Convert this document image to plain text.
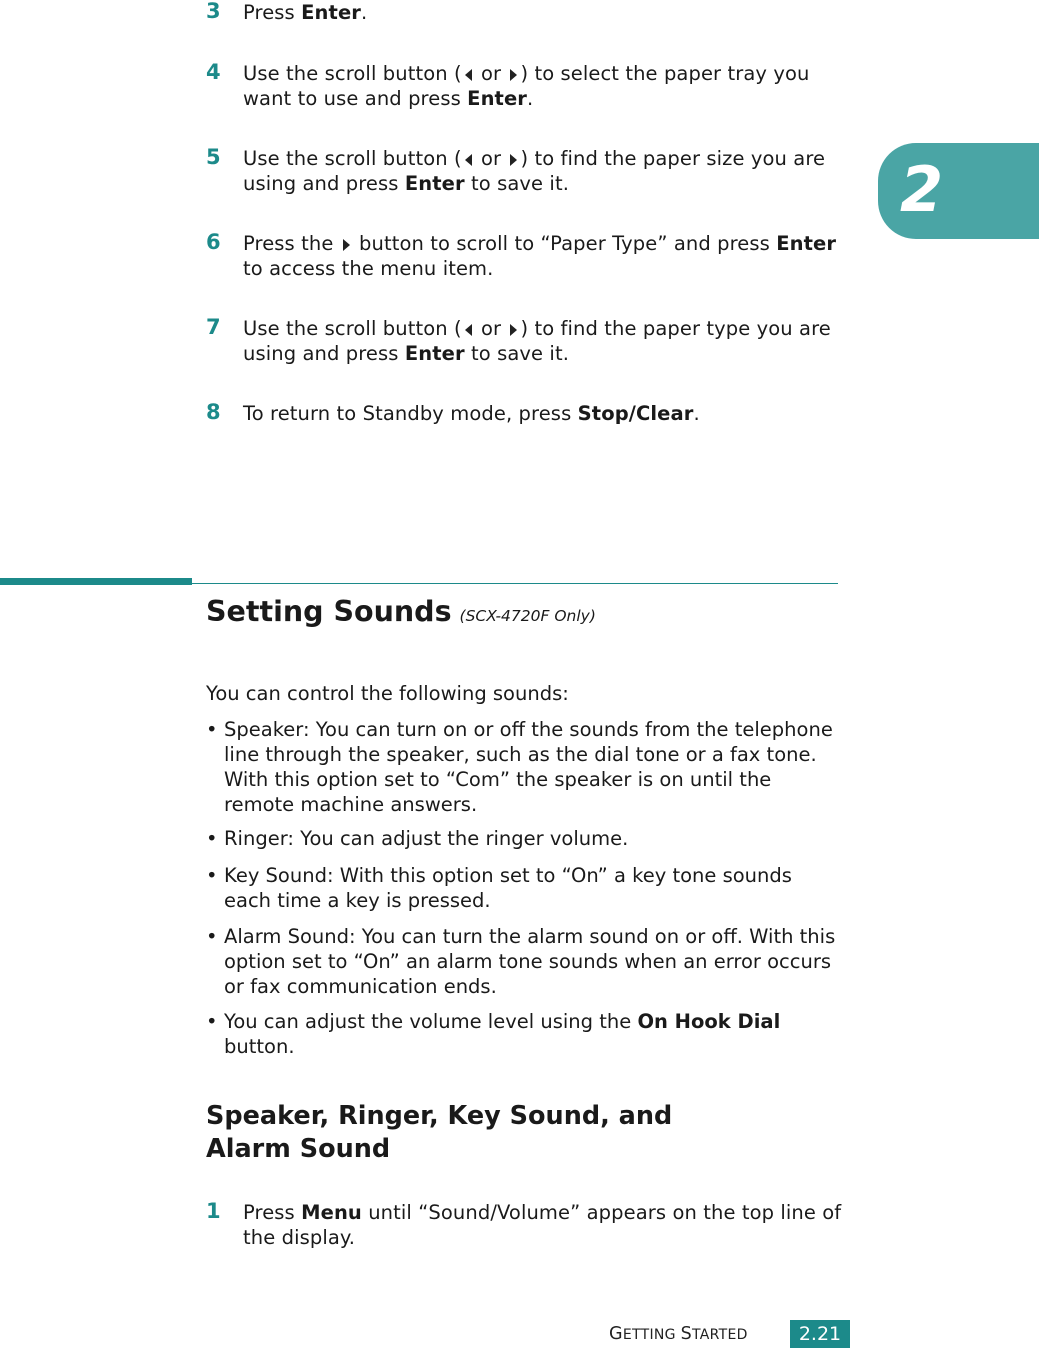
2
3 Press Enter.
4 Use the scroll button ( or ) to select the paper tray you want to use and press Enter.
5 Use the scroll button ( or ) to find the paper size you are using and press Enter to save it.
6 Press the  button to scroll to “Paper Type” and press Enter to access the menu item.
7 Use the scroll button ( or ) to find the paper type you are using and press Enter to save it.
8 To return to Standby mode, press Stop/Clear.
Setting Sounds (SCX-4720F Only)
You can control the following sounds:
• Speaker: You can turn on or off the sounds from the telephone line through the speaker, such as the dial tone or a fax tone. With this option set to “Com” the speaker is on until the remote machine answers.
• Ringer: You can adjust the ringer volume.
• Key Sound: With this option set to “On” a key tone sounds each time a key is pressed.
• Alarm Sound: You can turn the alarm sound on or off. With this option set to “On” an alarm tone sounds when an error occurs or fax communication ends.
• You can adjust the volume level using the On Hook Dial button.
Speaker, Ringer, Key Sound, and
Alarm Sound
1 Press Menu until “Sound/Volume” appears on the top line of the display.
GETTING STARTED	2.21
